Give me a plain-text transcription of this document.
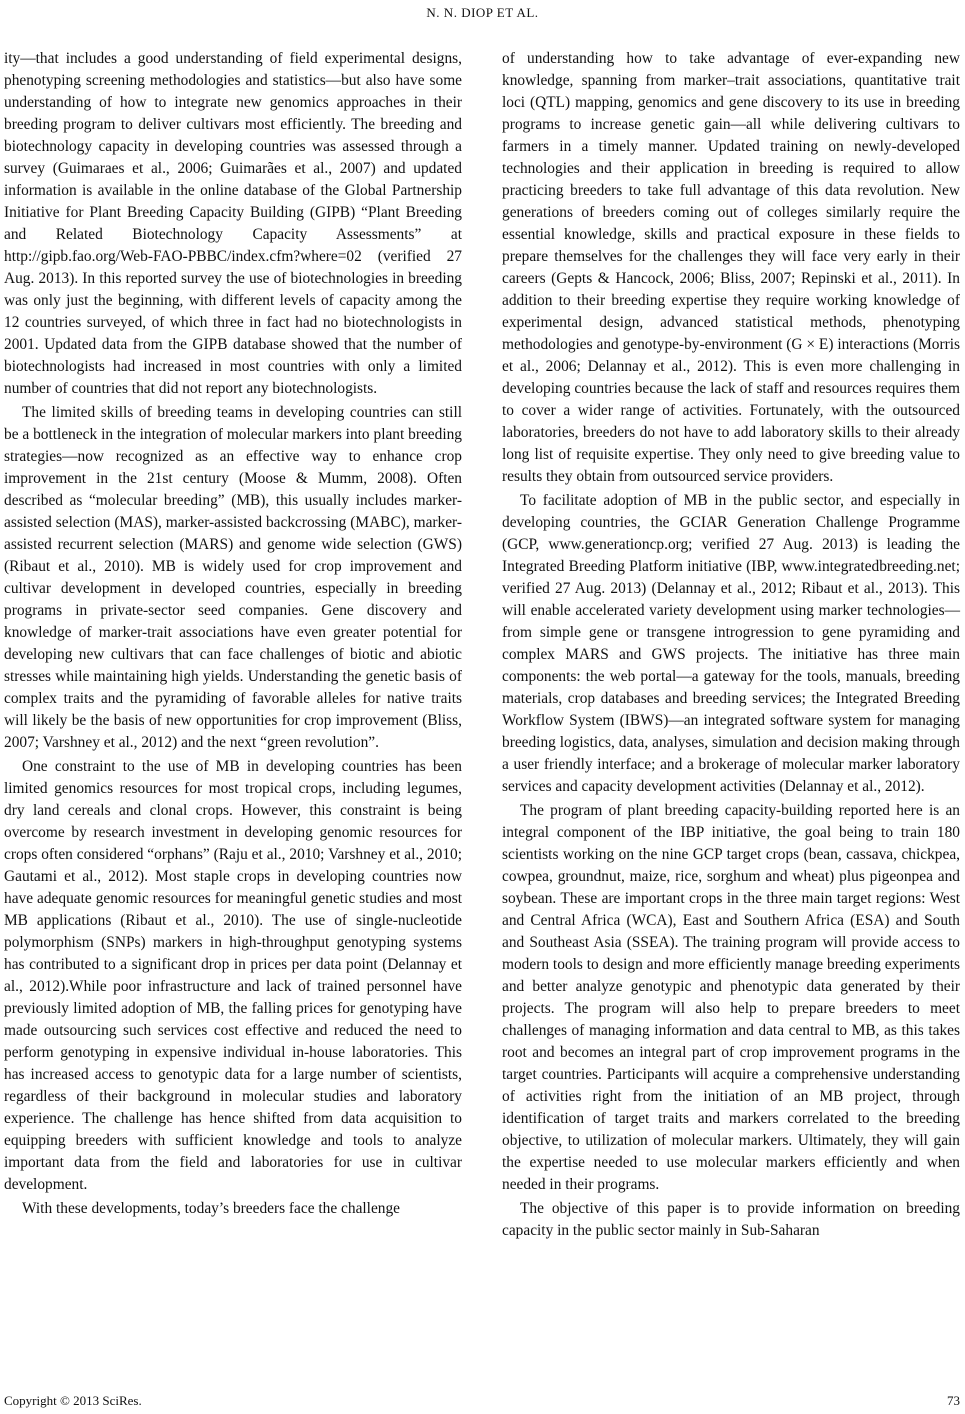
N. N. DIOP ET AL.

ity—that includes a good understanding of field experimental designs, phenotyping screening methodologies and statistics—but also have some understanding of how to integrate new genomics approaches in their breeding program to deliver cultivars most efficiently. The breeding and biotechnology capacity in developing countries was assessed through a survey (Guimaraes et al., 2006; Guimarães et al., 2007) and updated information is available in the online database of the Global Partnership Initiative for Plant Breeding Capacity Building (GIPB) “Plant Breeding and Related Biotechnology Capacity Assessments” at http://gipb.fao.org/Web-FAO-PBBC/index.cfm?where=02 (verified 27 Aug. 2013). In this reported survey the use of biotechnologies in breeding was only just the beginning, with different levels of capacity among the 12 countries surveyed, of which three in fact had no biotechnologists in 2001. Updated data from the GIPB database showed that the number of biotechnologists had increased in most countries with only a limited number of countries that did not report any biotechnologists.

The limited skills of breeding teams in developing countries can still be a bottleneck in the integration of molecular markers into plant breeding strategies—now recognized as an effective way to enhance crop improvement in the 21st century (Moose & Mumm, 2008). Often described as “molecular breeding” (MB), this usually includes marker-assisted selection (MAS), marker-assisted backcrossing (MABC), marker-assisted recurrent selection (MARS) and genome wide selection (GWS) (Ribaut et al., 2010). MB is widely used for crop improvement and cultivar development in developed countries, especially in breeding programs in private-sector seed companies. Gene discovery and knowledge of marker-trait associations have even greater potential for developing new cultivars that can face challenges of biotic and abiotic stresses while maintaining high yields. Understanding the genetic basis of complex traits and the pyramiding of favorable alleles for native traits will likely be the basis of new opportunities for crop improvement (Bliss, 2007; Varshney et al., 2012) and the next “green revolution”.

One constraint to the use of MB in developing countries has been limited genomics resources for most tropical crops, including legumes, dry land cereals and clonal crops. However, this constraint is being overcome by research investment in developing genomic resources for crops often considered “orphans” (Raju et al., 2010; Varshney et al., 2010; Gautami et al., 2012). Most staple crops in developing countries now have adequate genomic resources for meaningful genetic studies and most MB applications (Ribaut et al., 2010). The use of single-nucleotide polymorphism (SNPs) markers in high-throughput genotyping systems has contributed to a significant drop in prices per data point (Delannay et al., 2012).While poor infrastructure and lack of trained personnel have previously limited adoption of MB, the falling prices for genotyping have made outsourcing such services cost effective and reduced the need to perform genotyping in expensive individual in-house laboratories. This has increased access to genotypic data for a large number of scientists, regardless of their background in molecular studies and laboratory experience. The challenge has hence shifted from data acquisition to equipping breeders with sufficient knowledge and tools to analyze important data from the field and laboratories for use in cultivar development.

With these developments, today’s breeders face the challenge

of understanding how to take advantage of ever-expanding new knowledge, spanning from marker–trait associations, quantitative trait loci (QTL) mapping, genomics and gene discovery to its use in breeding programs to increase genetic gain—all while delivering cultivars to farmers in a timely manner. Updated training on newly-developed technologies and their application in breeding is required to allow practicing breeders to take full advantage of this data revolution. New generations of breeders coming out of colleges similarly require the essential knowledge, skills and practical exposure in these fields to prepare themselves for the challenges they will face very early in their careers (Gepts & Hancock, 2006; Bliss, 2007; Repinski et al., 2011). In addition to their breeding expertise they require working knowledge of experimental design, advanced statistical methods, phenotyping methodologies and genotype-by-environment (G × E) interactions (Morris et al., 2006; Delannay et al., 2012). This is even more challenging in developing countries because the lack of staff and resources requires them to cover a wider range of activities. Fortunately, with the outsourced laboratories, breeders do not have to add laboratory skills to their already long list of requisite expertise. They only need to give breeding value to results they obtain from outsourced service providers.

To facilitate adoption of MB in the public sector, and especially in developing countries, the GCIAR Generation Challenge Programme (GCP, www.generationcp.org; verified 27 Aug. 2013) is leading the Integrated Breeding Platform initiative (IBP, www.integratedbreeding.net; verified 27 Aug. 2013) (Delannay et al., 2012; Ribaut et al., 2013). This will enable accelerated variety development using marker technologies—from simple gene or transgene introgression to gene pyramiding and complex MARS and GWS projects. The initiative has three main components: the web portal—a gateway for the tools, manuals, breeding materials, crop databases and breeding services; the Integrated Breeding Workflow System (IBWS)—an integrated software system for managing breeding logistics, data, analyses, simulation and decision making through a user friendly interface; and a brokerage of molecular marker laboratory services and capacity development activities (Delannay et al., 2012).

The program of plant breeding capacity-building reported here is an integral component of the IBP initiative, the goal being to train 180 scientists working on the nine GCP target crops (bean, cassava, chickpea, cowpea, groundnut, maize, rice, sorghum and wheat) plus pigeonpea and soybean. These are important crops in the three main target regions: West and Central Africa (WCA), East and Southern Africa (ESA) and South and Southeast Asia (SSEA). The training program will provide access to modern tools to design and more efficiently manage breeding experiments and better analyze genotypic and phenotypic data generated by their projects. The program will also help to prepare breeders to meet challenges of managing information and data central to MB, as this takes root and becomes an integral part of crop improvement programs in the target countries. Participants will acquire a comprehensive understanding of activities right from the initiation of an MB project, through identification of target traits and markers correlated to the breeding objective, to utilization of molecular markers. Ultimately, they will gain the expertise needed to use molecular markers efficiently and when needed in their programs.

The objective of this paper is to provide information on breeding capacity in the public sector mainly in Sub-Saharan

Copyright © 2013 SciRes.	73
